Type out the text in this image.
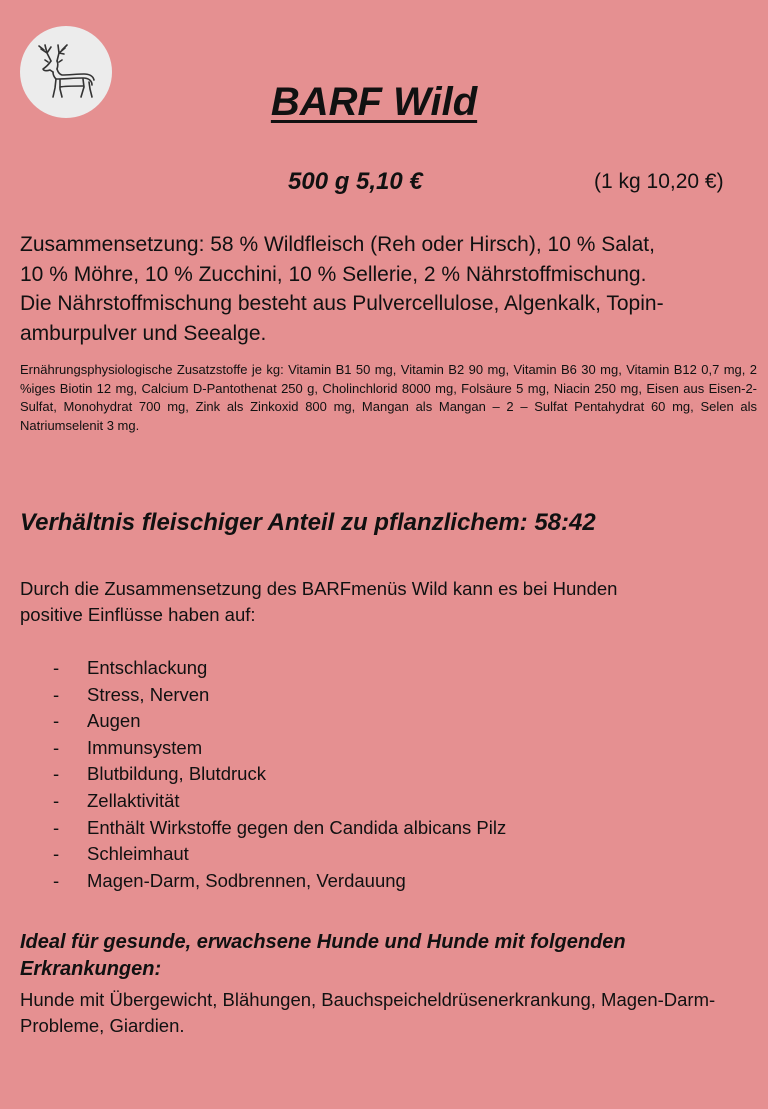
BARF Wild
500 g 5,10 €	(1 kg 10,20 €)

Zusammensetzung: 58 % Wildfleisch (Reh oder Hirsch), 10 % Salat,
10 % Möhre, 10 % Zucchini, 10 % Sellerie, 2 % Nährstoffmischung.
Die Nährstoffmischung besteht aus Pulvercellulose, Algenkalk, Topin-
amburpulver und Seealge.

Ernährungsphysiologische Zusatzstoffe je kg: Vitamin B1 50 mg, Vitamin B2 90 mg, Vitamin B6 30 mg, Vitamin B12 0,7 mg, 2 %iges Biotin 12 mg, Calcium D-Pantothenat 250 g, Cholinchlorid 8000 mg, Folsäure 5 mg, Niacin 250 mg, Eisen aus Eisen-2-Sulfat, Monohydrat 700 mg, Zink als Zinkoxid 800 mg, Mangan als Mangan – 2 – Sulfat Pentahydrat 60 mg, Selen als Natriumselenit 3 mg.

Verhältnis fleischiger Anteil zu pflanzlichem: 58:42

Durch die Zusammensetzung des BARFmenüs Wild kann es bei Hunden
positive Einflüsse haben auf:

-	Entschlackung
-	Stress, Nerven
-	Augen
-	Immunsystem
-	Blutbildung, Blutdruck
-	Zellaktivität
-	Enthält Wirkstoffe gegen den Candida albicans Pilz
-	Schleimhaut
-	Magen-Darm, Sodbrennen, Verdauung
Ideal für gesunde, erwachsene Hunde und Hunde mit folgenden Erkrankungen:

Hunde mit Übergewicht, Blähungen, Bauchspeicheldrüsenerkrankung, Magen-Darm-Probleme, Giardien.
